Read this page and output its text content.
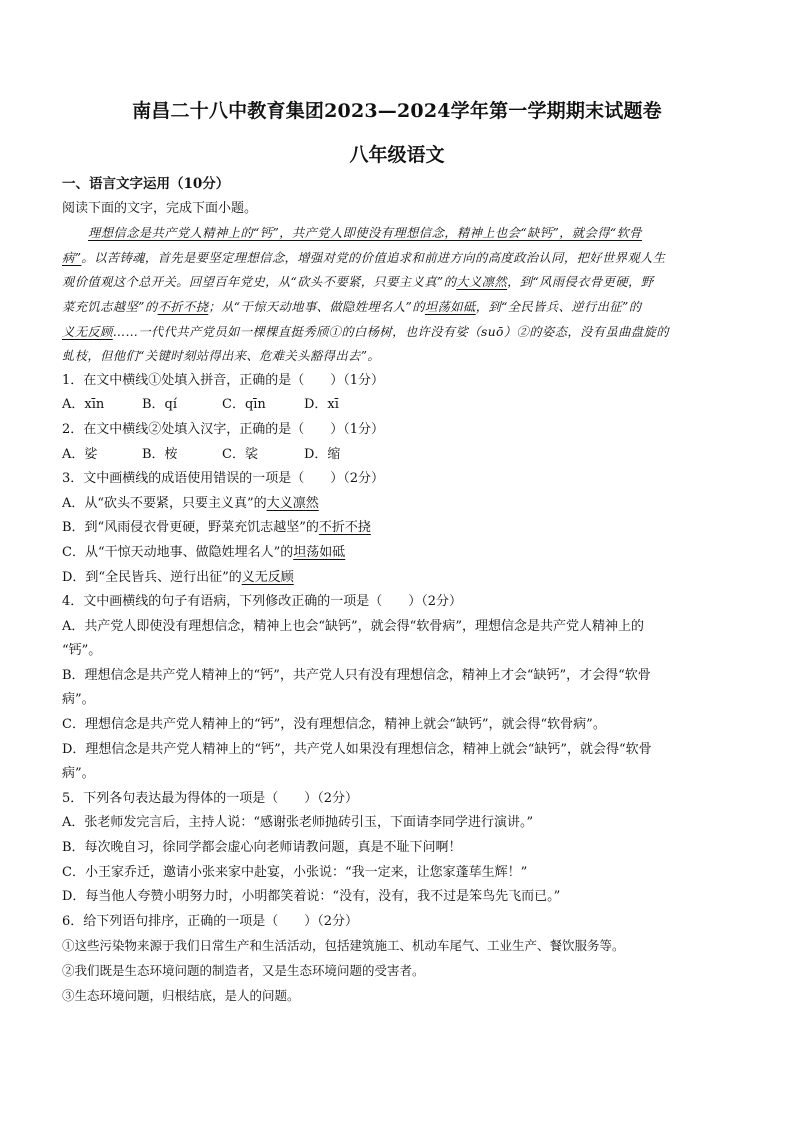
南昌二十八中教育集团2023—2024学年第一学期期末试题卷
八年级语文
一、语言文字运用（10分）
阅读下面的文字，完成下面小题。
理想信念是共产党人精神上的“钙”，共产党人即使没有理想信念，精神上也会“缺钙”，就会得“软骨
病”。以苦铸魂，首先是要坚定理想信念，增强对党的价值追求和前进方向的高度政治认同，把好世界观人生
观价值观这个总开关。回望百年党史，从“砍头不要紧，只要主义真”的大义凛然，到“风雨侵衣骨更硬，野
菜充饥志越坚”的不折不挠；从“干惊天动地事、做隐姓埋名人”的坦荡如砥，到“全民皆兵、逆行出征”的
义无反顾……一代代共产党员如一棵棵直挺秀颀①的白杨树，也许没有娑（suō）②的姿态，没有虽曲盘旋的
虬枝，但他们“关键时刻站得出来、危难关头豁得出去”。
1．在文中横线①处填入拼音，正确的是（　　）（1分）
A．xīn	B．qí	C．qīn	D．xī
2．在文中横线②处填入汉字，正确的是（　　）（1分）
A．娑	B．桉	C．裟	D．缩
3．文中画横线的成语使用错误的一项是（　　）（2分）
A．从“砍头不要紧，只要主义真”的大义凛然
B．到“风雨侵衣骨更硬，野菜充饥志越坚”的不折不挠
C．从“干惊天动地事、做隐姓埋名人”的坦荡如砥
D．到“全民皆兵、逆行出征”的义无反顾
4．文中画横线的句子有语病，下列修改正确的一项是（　　）（2分）
A．共产党人即使没有理想信念，精神上也会“缺钙”，就会得“软骨病”，理想信念是共产党人精神上的
“钙”。
B．理想信念是共产党人精神上的“钙”，共产党人只有没有理想信念，精神上才会“缺钙”，才会得“软骨
病”。
C．理想信念是共产党人精神上的“钙”，没有理想信念，精神上就会“缺钙”，就会得“软骨病”。
D．理想信念是共产党人精神上的“钙”，共产党人如果没有理想信念，精神上就会“缺钙”，就会得“软骨
病”。
5．下列各句表达最为得体的一项是（　　）（2分）
A．张老师发完言后，主持人说：“感谢张老师抛砖引玉，下面请李同学进行演讲。”
B．每次晚自习，徐同学都会虚心向老师请教问题，真是不耻下问啊！
C．小王家乔迁，邀请小张来家中赴宴，小张说：“我一定来，让您家蓬荜生辉！”
D．每当他人夸赞小明努力时，小明都笑着说：“没有，没有，我不过是笨鸟先飞而已。”
6．给下列语句排序，正确的一项是（　　）（2分）
①这些污染物来源于我们日常生产和生活活动，包括建筑施工、机动车尾气、工业生产、餐饮服务等。
②我们既是生态环境问题的制造者，又是生态环境问题的受害者。
③生态环境问题，归根结底，是人的问题。
